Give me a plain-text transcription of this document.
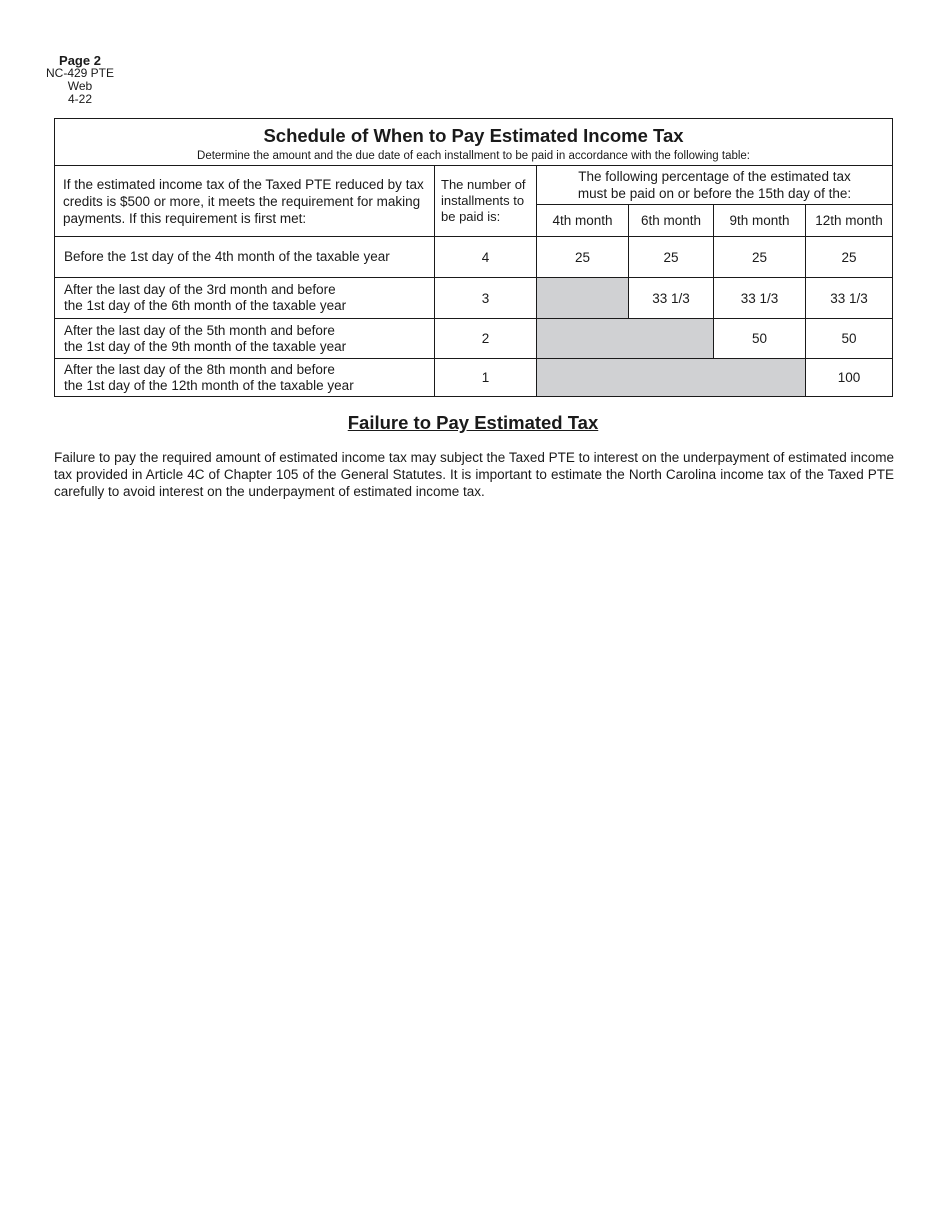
Page 2
NC-429 PTE
Web
4-22
Schedule of When to Pay Estimated Income Tax
Determine the amount and the due date of each installment to be paid in accordance with the following table:					

If the estimated income tax of the Taxed PTE reduced by tax credits is $500 or more, it meets the requirement for making payments. If this requirement is first met:	The number of installments to be paid is:	The following percentage of the estimated tax must be paid on or before the 15th day of the:			

		4th month	6th month	9th month	12th month
Before the 1st day of the 4th month of the taxable year	4	25	25	25	25

After the last day of the 3rd month and before
the 1st day of the 6th month of the taxable year	3		33 1/3	33 1/3	33 1/3

After the last day of the 5th month and before
the 1st day of the 9th month of the taxable year	2			50	50

After the last day of the 8th month and before
the 1st day of the 12th month of the taxable year	1				100
Failure to Pay Estimated Tax
Failure to pay the required amount of estimated income tax may subject the Taxed PTE to interest on the underpayment of estimated income tax provided in Article 4C of Chapter 105 of the General Statutes. It is important to estimate the North Carolina income tax of the Taxed PTE carefully to avoid interest on the underpayment of estimated income tax.
